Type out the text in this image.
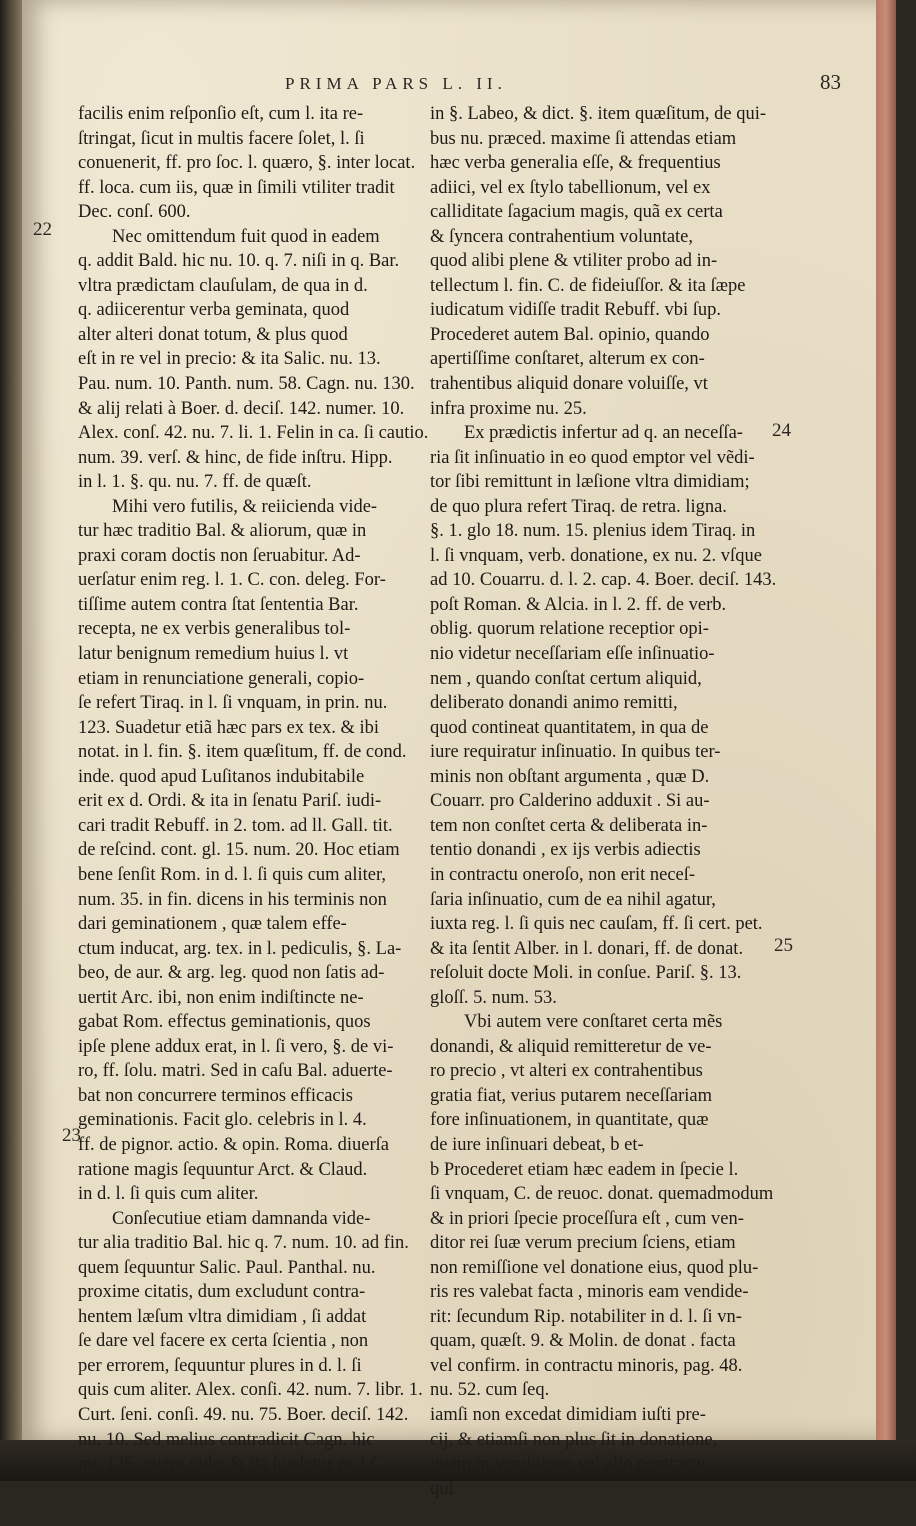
PRIMA PARS L. II.	83
22
23
24
25
facilis enim reſponſio eſt, cum l. ita re-
ſtringat, ſicut in multis facere ſolet, l. ſi
conuenerit, ff. pro ſoc. l. quæro, §. inter locat.
ff. loca. cum iis, quæ in ſimili vtiliter tradit
Dec. conſ. 600.
Nec omittendum fuit quod in eadem
q. addit Bald. hic nu. 10. q. 7. niſi in q. Bar.
vltra prædictam clauſulam, de qua in d.
q. adiicerentur verba geminata, quod
alter alteri donat totum, & plus quod
eſt in re vel in precio: & ita Salic. nu. 13.
Pau. num. 10. Panth. num. 58. Cagn. nu. 130.
& alij relati à Boer. d. deciſ. 142. numer. 10.
Alex. conſ. 42. nu. 7. li. 1. Felin in ca. ſi cautio.
num. 39. verſ. & hinc, de fide inſtru. Hipp.
in l. 1. §. qu. nu. 7. ff. de quæſt.
Mihi vero futilis, & reiicienda vide-
tur hæc traditio Bal. & aliorum, quæ in
praxi coram doctis non ſeruabitur. Ad-
uerſatur enim reg. l. 1. C. con. deleg. For-
tiſſime autem contra ſtat ſententia Bar.
recepta, ne ex verbis generalibus tol-
latur benignum remedium huius l. vt
etiam in renunciatione generali, copio-
ſe refert Tiraq. in l. ſi vnquam, in prin. nu.
123. Suadetur etiã hæc pars ex tex. & ibi
notat. in l. fin. §. item quæſitum, ff. de cond.
inde. quod apud Luſitanos indubitabile
erit ex d. Ordi. & ita in ſenatu Pariſ. iudi-
cari tradit Rebuff. in 2. tom. ad ll. Gall. tit.
de reſcind. cont. gl. 15. num. 20. Hoc etiam
bene ſenſit Rom. in d. l. ſi quis cum aliter,
num. 35. in fin. dicens in his terminis non
dari geminationem , quæ talem effe-
ctum inducat, arg. tex. in l. pediculis, §. La-
beo, de aur. & arg. leg. quod non ſatis ad-
uertit Arc. ibi, non enim indiſtincte ne-
gabat Rom. effectus geminationis, quos
ipſe plene addux erat, in l. ſi vero, §. de vi-
ro, ff. ſolu. matri. Sed in caſu Bal. aduerte-
bat non concurrere terminos efficacis
geminationis. Facit glo. celebris in l. 4.
ff. de pignor. actio. & opin. Roma. diuerſa
ratione magis ſequuntur Arct. & Claud.
in d. l. ſi quis cum aliter.
Conſecutiue etiam damnanda vide-
tur alia traditio Bal. hic q. 7. num. 10. ad fin.
quem ſequuntur Salic. Paul. Panthal. nu.
proxime citatis, dum excludunt contra-
hentem læſum vltra dimidiam , ſi addat
ſe dare vel facere ex certa ſcientia , non
per errorem, ſequuntur plures in d. l. ſi
quis cum aliter. Alex. conſi. 42. num. 7. libr. 1.
Curt. ſeni. conſi. 49. nu. 75. Boer. deciſ. 142.
nu. 10. Sed melius contradicit Cagn. hic
nu. 126. quem vide: & ita ſuadetur ex I C.
in §. Labeo, & dict. §. item quæſitum, de qui-
bus nu. præced. maxime ſi attendas etiam
hæc verba generalia eſſe, & frequentius
adiici, vel ex ſtylo tabellionum, vel ex
calliditate ſagacium magis, quã ex certa
& ſyncera contrahentium voluntate,
quod alibi plene & vtiliter probo ad in-
tellectum l. fin. C. de fideiuſſor. & ita ſæpe
iudicatum vidiſſe tradit Rebuff. vbi ſup.
Procederet autem Bal. opinio, quando
apertiſſime conſtaret, alterum ex con-
trahentibus aliquid donare voluiſſe, vt
infra proxime nu. 25.
Ex prædictis infertur ad q. an neceſſa-
ria ſit inſinuatio in eo quod emptor vel vẽdi-
tor ſibi remittunt in læſione vltra dimidiam;
de quo plura refert Tiraq. de retra. ligna.
§. 1. glo 18. num. 15. plenius idem Tiraq. in
l. ſi vnquam, verb. donatione, ex nu. 2. vſque
ad 10. Couarru. d. l. 2. cap. 4. Boer. deciſ. 143.
poſt Roman. & Alcia. in l. 2. ff. de verb.
oblig. quorum relatione receptior opi-
nio videtur neceſſariam eſſe inſinuatio-
nem , quando conſtat certum aliquid,
deliberato donandi animo remitti,
quod contineat quantitatem, in qua de
iure requiratur inſinuatio. In quibus ter-
minis non obſtant argumenta , quæ D.
Couarr. pro Calderino adduxit . Si au-
tem non conſtet certa & deliberata in-
tentio donandi , ex ijs verbis adiectis
in contractu oneroſo, non erit neceſ-
ſaria inſinuatio, cum de ea nihil agatur,
iuxta reg. l. ſi quis nec cauſam, ff. ſi cert. pet.
& ita ſentit Alber. in l. donari, ff. de donat.
reſoluit docte Moli. in conſue. Pariſ. §. 13.
gloſſ. 5. num. 53.
Vbi autem vere conſtaret certa mẽs
donandi, & aliquid remitteretur de ve-
ro precio , vt alteri ex contrahentibus
gratia fiat, verius putarem neceſſariam
fore inſinuationem, in quantitate, quæ
de iure inſinuari debeat, b et-
b Procederet etiam hæc eadem in ſpecie l.
ſi vnquam, C. de reuoc. donat. quemadmodum
& in priori ſpecie proceſſura eſt , cum ven-
ditor rei ſuæ verum precium ſciens, etiam
non remiſſione vel donatione eius, quod plu-
ris res valebat facta , minoris eam vendide-
rit: ſecundum Rip. notabiliter in d. l. ſi vn-
quam, quæſt. 9. & Molin. de donat . facta
vel confirm. in contractu minoris, pag. 48.
nu. 52. cum ſeq.
iamſi non excedat dimidiam iuſti pre-
cij, & etiamſi non plus ſit in donatione,
quam in venditione vel alio contractu,
qui
